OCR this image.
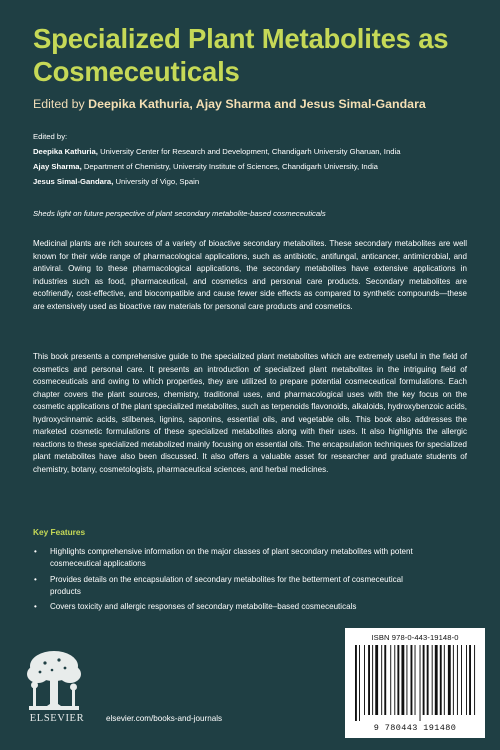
Specialized Plant Metabolites as Cosmeceuticals
Edited by Deepika Kathuria, Ajay Sharma and Jesus Simal-Gandara
Edited by:
Deepika Kathuria, University Center for Research and Development, Chandigarh University Gharuan, India
Ajay Sharma, Department of Chemistry, University Institute of Sciences, Chandigarh University, India
Jesus Simal-Gandara, University of Vigo, Spain
Sheds light on future perspective of plant secondary metabolite-based cosmeceuticals
Medicinal plants are rich sources of a variety of bioactive secondary metabolites. These secondary metabolites are well known for their wide range of pharmacological applications, such as antibiotic, antifungal, anticancer, antimicrobial, and antiviral. Owing to these pharmacological applications, the secondary metabolites have extensive applications in industries such as food, pharmaceutical, and cosmetics and personal care products. Secondary metabolites are ecofriendly, cost-effective, and biocompatible and cause fewer side effects as compared to synthetic compounds—these are extensively used as bioactive raw materials for personal care products and cosmetics.
This book presents a comprehensive guide to the specialized plant metabolites which are extremely useful in the field of cosmetics and personal care. It presents an introduction of specialized plant metabolites in the intriguing field of cosmeceuticals and owing to which properties, they are utilized to prepare potential cosmeceutical formulations. Each chapter covers the plant sources, chemistry, traditional uses, and pharmacological uses with the key focus on the cosmetic applications of the plant specialized metabolites, such as terpenoids flavonoids, alkaloids, hydroxybenzoic acids, hydroxycinnamic acids, stilbenes, lignins, saponins, essential oils, and vegetable oils. This book also addresses the marketed cosmetic formulations of these specialized metabolites along with their uses. It also highlights the allergic reactions to these specialized metabolized mainly focusing on essential oils. The encapsulation techniques for specialized plant metabolites have also been discussed. It also offers a valuable asset for researcher and graduate students of chemistry, botany, cosmetologists, pharmaceutical sciences, and herbal medicines.
Key Features
• Highlights comprehensive information on the major classes of plant secondary metabolites with potent cosmeceutical applications
• Provides details on the encapsulation of secondary metabolites for the betterment of cosmeceutical products
• Covers toxicity and allergic responses of secondary metabolite–based cosmeceuticals
ELSEVIER	elsevier.com/books-and-journals
ISBN 978-0-443-19148-0
9 780443 191480
